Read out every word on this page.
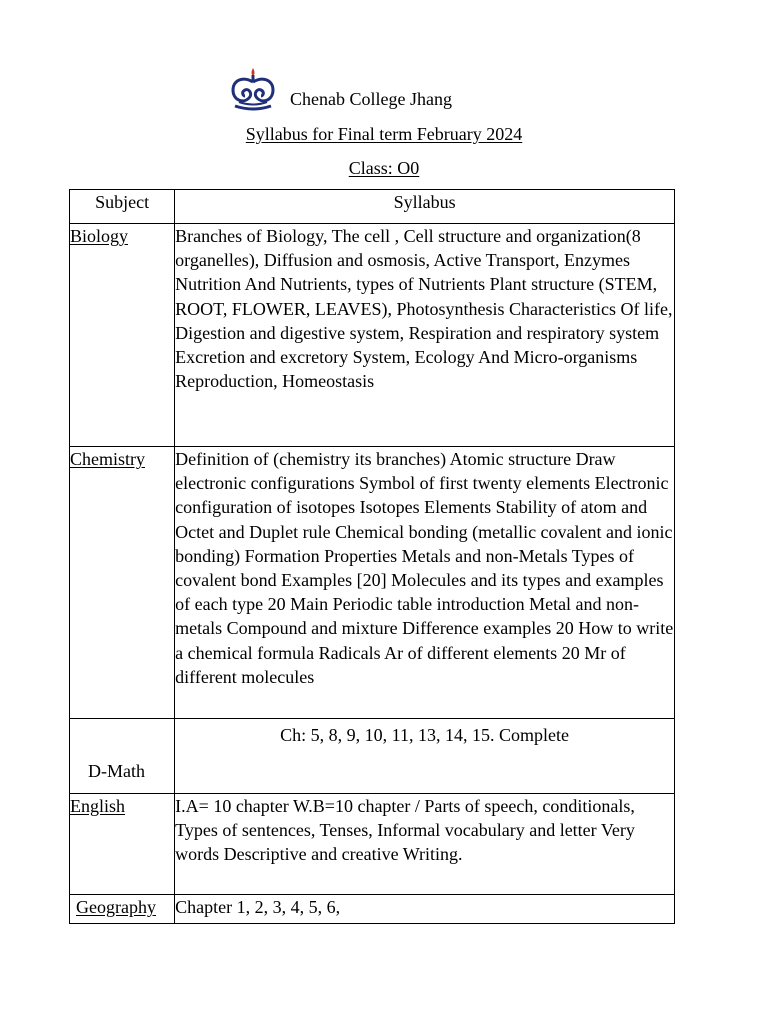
Chenab College Jhang
Syllabus for Final term February 2024
Class: O0
Subject	Syllabus
Biology	Branches of Biology, The cell , Cell structure and organization(8 organelles), Diffusion and osmosis, Active Transport, Enzymes Nutrition And Nutrients, types of Nutrients Plant structure (STEM, ROOT, FLOWER, LEAVES), Photosynthesis Characteristics Of life, Digestion and digestive system, Respiration and respiratory system Excretion and excretory System, Ecology And Micro-organisms Reproduction, Homeostasis
Chemistry	Definition of (chemistry its branches) Atomic structure Draw electronic configurations Symbol of first twenty elements Electronic configuration of isotopes Isotopes Elements Stability of atom and Octet and Duplet rule Chemical bonding (metallic covalent and ionic bonding) Formation Properties Metals and non-Metals Types of covalent bond Examples [20] Molecules and its types and examples of each type 20 Main Periodic table introduction Metal and non-metals Compound and mixture Difference examples 20 How to write a chemical formula Radicals Ar of different elements 20 Mr of different molecules
D-Math	Ch: 5, 8, 9, 10, 11, 13, 14, 15. Complete
English	I.A= 10 chapter W.B=10 chapter / Parts of speech, conditionals, Types of sentences, Tenses, Informal vocabulary and letter Very words Descriptive and creative Writing.
Geography	Chapter 1, 2, 3, 4, 5, 6,
